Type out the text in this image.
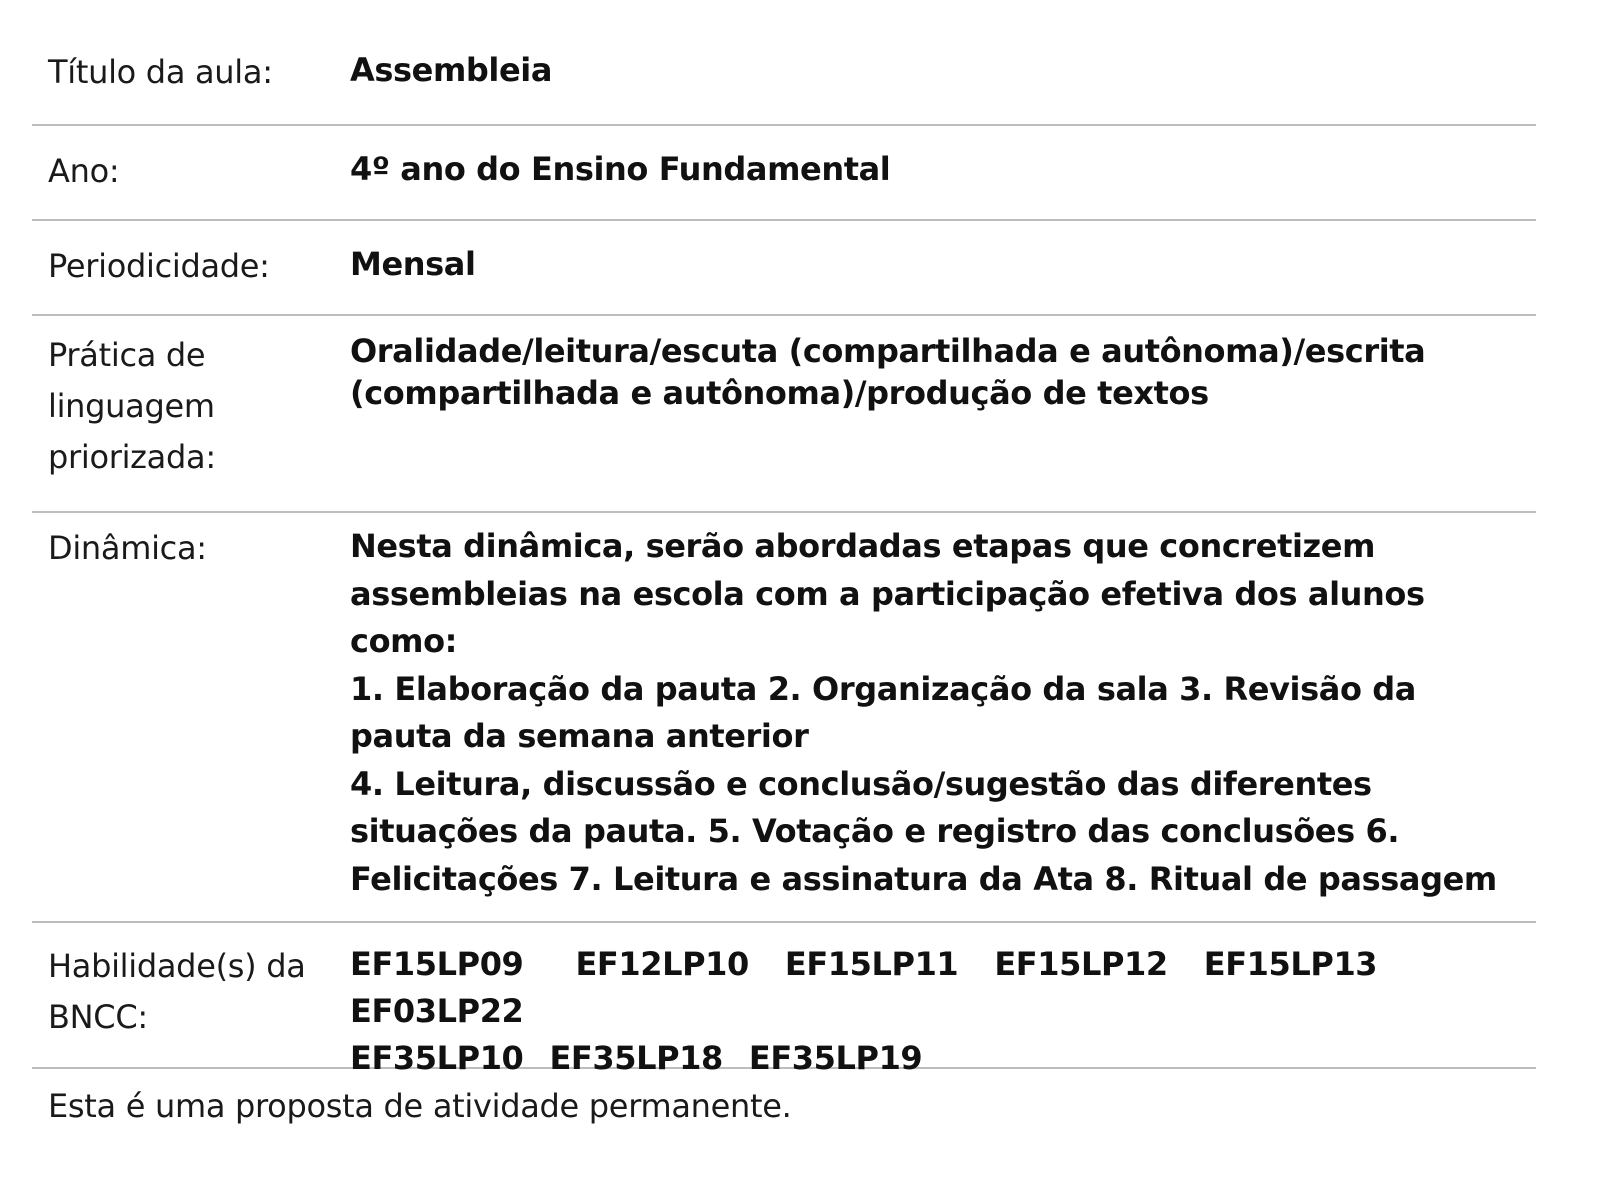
Título da aula:	Assembleia
Ano:	4º ano do Ensino Fundamental
Periodicidade:	Mensal
Prática de linguagem priorizada:
Oralidade/leitura/escuta (compartilhada e autônoma)/escrita (compartilhada e autônoma)/produção de textos
Dinâmica:	Nesta dinâmica, serão abordadas etapas que concretizem assembleias na escola com a participação efetiva dos alunos como:
1. Elaboração da pauta 2. Organização da sala 3. Revisão da pauta da semana anterior
4. Leitura, discussão e conclusão/sugestão das diferentes situações da pauta. 5. Votação e registro das conclusões 6. Felicitações 7. Leitura e assinatura da Ata 8. Ritual de passagem
Habilidade(s) da BNCC:
EF15LP09 EF12LP10 EF15LP11 EF15LP12 EF15LP13
EF03LP22
EF35LP10 EF35LP18 EF35LP19
Esta é uma proposta de atividade permanente.
